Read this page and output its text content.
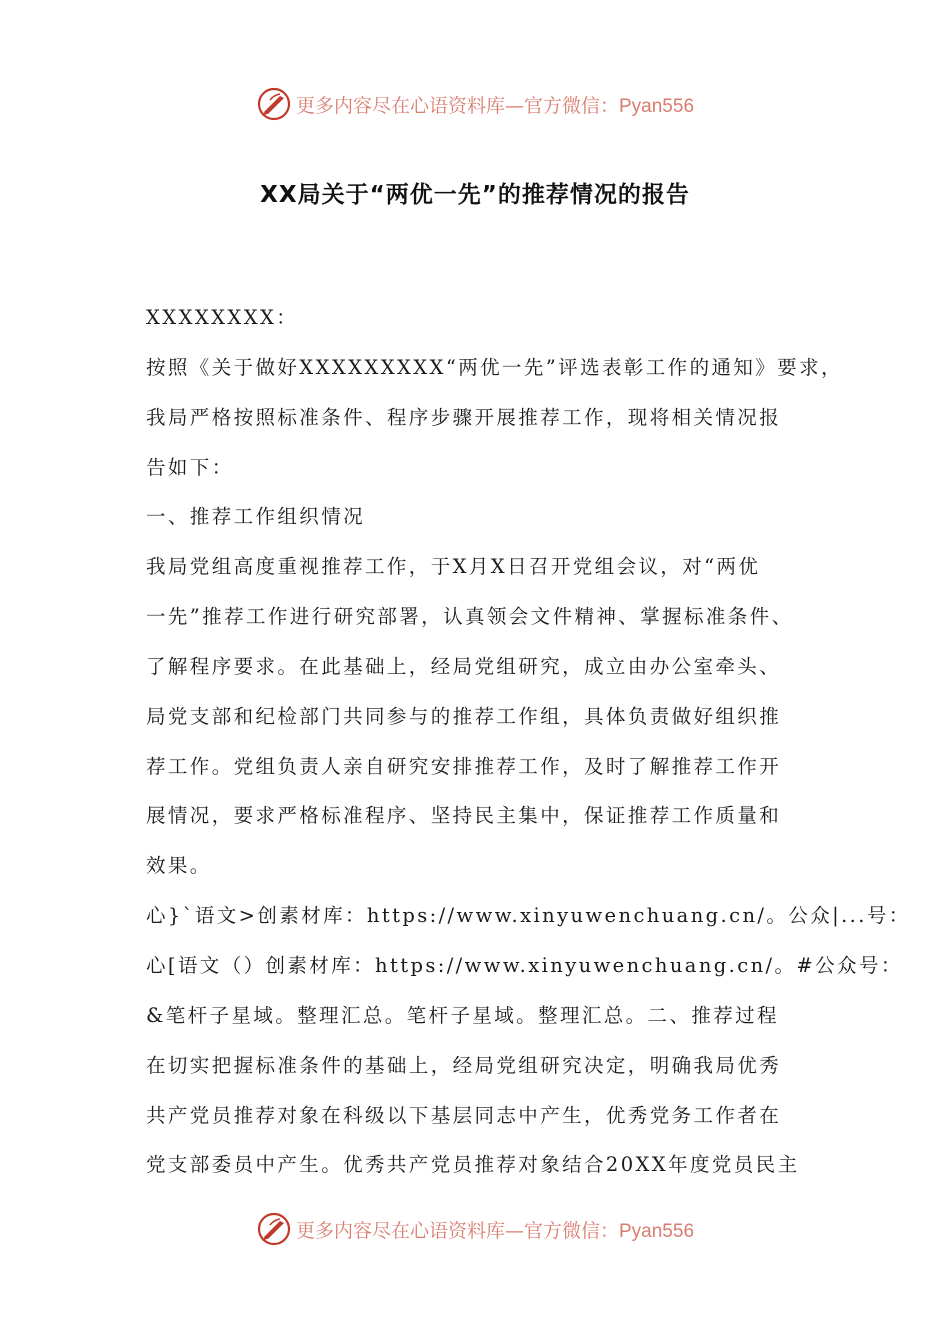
更多内容尽在心语资料库—官方微信：Pyan556
XX局关于“两优一先”的推荐情况的报告
XXXXXXXX：
按照《关于做好XXXXXXXXX“两优一先”评选表彰工作的通知》要求，
我局严格按照标准条件、程序步骤开展推荐工作，现将相关情况报
告如下：
一、推荐工作组织情况
我局党组高度重视推荐工作，于X月X日召开党组会议，对“两优
一先”推荐工作进行研究部署，认真领会文件精神、掌握标准条件、
了解程序要求。在此基础上，经局党组研究，成立由办公室牵头、
局党支部和纪检部门共同参与的推荐工作组，具体负责做好组织推
荐工作。党组负责人亲自研究安排推荐工作，及时了解推荐工作开
展情况，要求严格标准程序、坚持民主集中，保证推荐工作质量和
效果。
心}`语文>创素材库：https://www.xinyuwenchuang.cn/。公众|...号：
心[语文（）创素材库：https://www.xinyuwenchuang.cn/。#公众号：
&笔杆子星域。整理汇总。笔杆子星域。整理汇总。二、推荐过程
在切实把握标准条件的基础上，经局党组研究决定，明确我局优秀
共产党员推荐对象在科级以下基层同志中产生，优秀党务工作者在
党支部委员中产生。优秀共产党员推荐对象结合20XX年度党员民主
更多内容尽在心语资料库—官方微信：Pyan556
